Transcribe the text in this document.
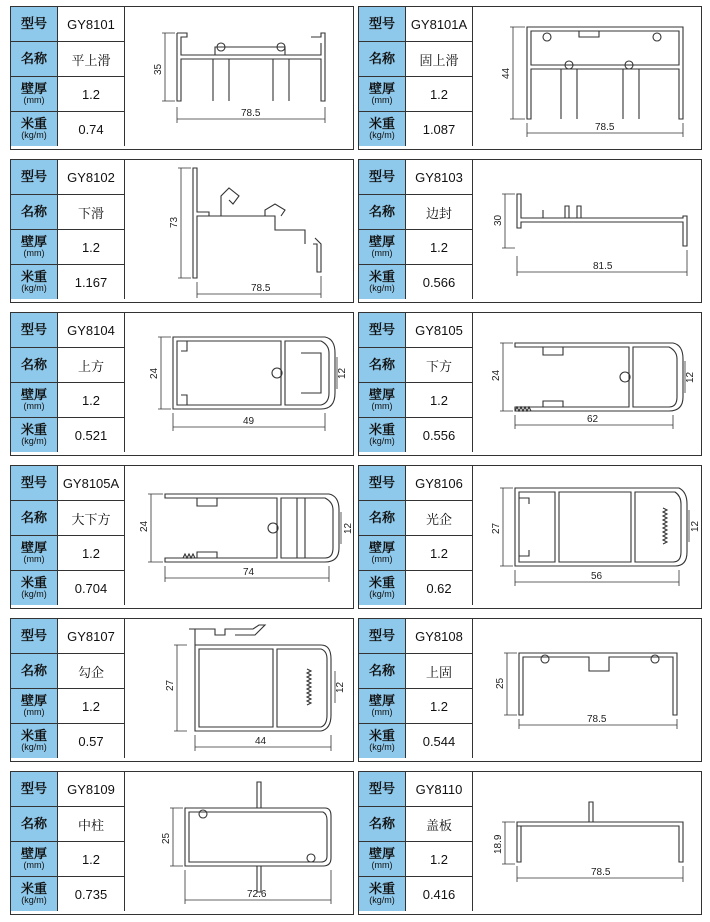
型号	GY8101
名称	平上滑
壁厚
(mm)	1.2
米重
(kg/m)	0.74
35
78.5
型号	GY8101A
名称	固上滑
壁厚
(mm)	1.2
米重
(kg/m)	1.087
44
78.5
型号	GY8102
名称	下滑
壁厚
(mm)	1.2
米重
(kg/m)	1.167
73
78.5
型号	GY8103
名称	边封
壁厚
(mm)	1.2
米重
(kg/m)	0.566
30
81.5
型号	GY8104
名称	上方
壁厚
(mm)	1.2
米重
(kg/m)	0.521
24	12
49
型号	GY8105
名称	下方
壁厚
(mm)	1.2
米重
(kg/m)	0.556
24	12
62
型号	GY8105A
名称	大下方
壁厚
(mm)	1.2
米重
(kg/m)	0.704
24	12
74
型号	GY8106
名称	光企
壁厚
(mm)	1.2
米重
(kg/m)	0.62
27	12
56
型号	GY8107
名称	勾企
壁厚
(mm)	1.2
米重
(kg/m)	0.57
27	12
44
型号	GY8108
名称	上固
壁厚
(mm)	1.2
米重
(kg/m)	0.544
25
78.5
型号	GY8109
名称	中柱
壁厚
(mm)	1.2
米重
(kg/m)	0.735
25
72.6
型号	GY8110
名称	盖板
壁厚
(mm)	1.2
米重
(kg/m)	0.416
18.9
78.5
